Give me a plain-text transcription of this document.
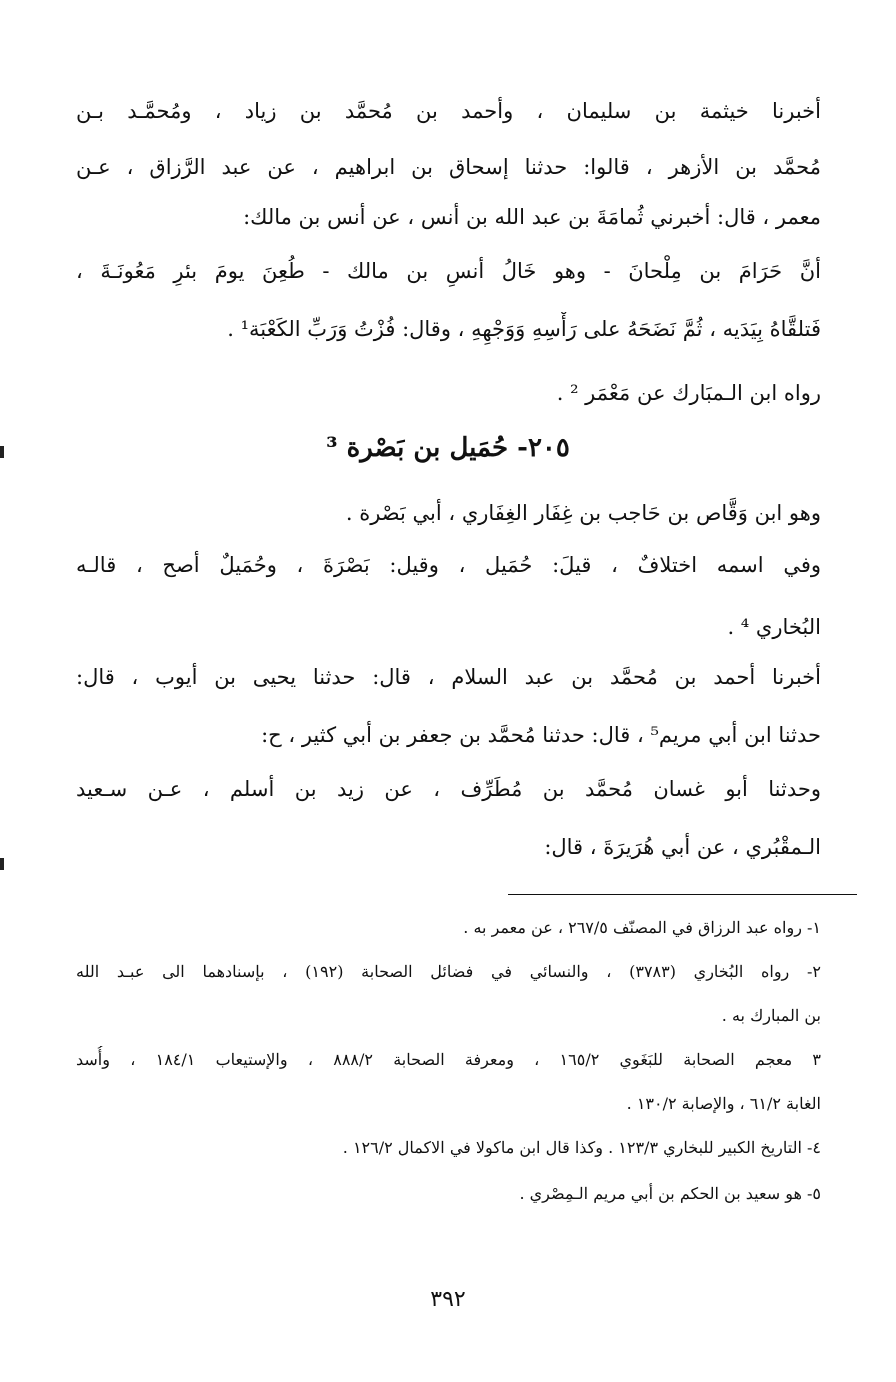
أخبرنا خيثمة بن سليمان ، وأحمد بن مُحمَّد بن زياد ، ومُحمَّـد بـن
مُحمَّد بن الأزهر ، قالوا: حدثنا إسحاق بن ابراهيم ، عن عبد الرَّزاق ، عـن
معمر ، قال: أخبرني ثُمامَةَ بن عبد الله بن أنس ، عن أنس بن مالك:
أنَّ حَرَامَ بن مِلْحانَ - وهو خَالُ أنسِ بن مالك - طُعِنَ يومَ بئرِ مَعُونَـةَ ،
فَتلقَّاهُ بِيَدَيه ، ثُمَّ نَضَحَهُ على رَأْسِهِ وَوَجْهِهِ ، وقال: فُزْتُ وَرَبِّ الكَعْبَة¹ .
رواه ابن الـمبَارك عن مَعْمَر ² .
٢٠٥- حُمَيل بن بَصْرة ³
وهو ابن وَقَّاص بن حَاجب بن غِفَار الغِفَاري ، أبي بَصْرة .
وفي اسمه اختلافٌ ، قيلَ: حُمَيل ، وقيل: بَصْرَةَ ، وحُمَيلٌ أصح ، قالـه
البُخاري ⁴ .
أخبرنا أحمد بن مُحمَّد بن عبد السلام ، قال: حدثنا يحيى بن أيوب ، قال:
حدثنا ابن أبي مريم⁵ ، قال: حدثنا مُحمَّد بن جعفر بن أبي كثير ، ح:
وحدثنا أبو غسان مُحمَّد بن مُطَرِّف ، عن زيد بن أسلم ، عـن سـعيد
الـمقْبُري ، عن أبي هُرَيرَةَ ، قال:
١- رواه عبد الرزاق في المصنّف ٢٦٧/٥ ، عن معمر به .
٢- رواه البُخاري (٣٧٨٣) ، والنسائي في فضائل الصحابة (١٩٢) ، بإسنادهما الى عبـد الله
بن المبارك به .
٣ معجم الصحابة للبَغَوي ١٦٥/٢ ، ومعرفة الصحابة ٨٨٨/٢ ، والإستيعاب ١٨٤/١ ، وأُسد
الغابة ٦١/٢ ، والإصابة ١٣٠/٢ .
٤- التاريخ الكبير للبخاري ١٢٣/٣ . وكذا قال ابن ماكولا في الاكمال ١٢٦/٢ .
٥- هو سعيد بن الحكم بن أبي مريم الـمِصْري .
٣٩٢
